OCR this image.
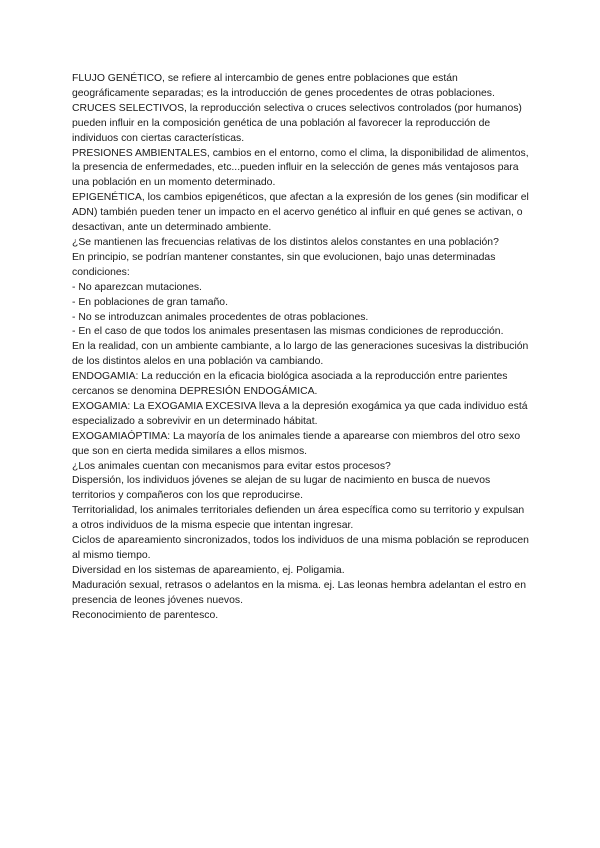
FLUJO GENÉTICO, se refiere al intercambio de genes entre poblaciones que están geográficamente separadas; es la introducción de genes procedentes de otras poblaciones.

CRUCES SELECTIVOS, la reproducción selectiva o cruces selectivos controlados (por humanos) pueden influir en la composición genética de una población al favorecer la reproducción de individuos con ciertas características.

PRESIONES AMBIENTALES, cambios en el entorno, como el clima, la disponibilidad de alimentos, la presencia de enfermedades, etc...pueden influir en la selección de genes más ventajosos para una población en un momento determinado.

EPIGENÉTICA, los cambios epigenéticos, que afectan a la expresión de los genes (sin modificar el ADN) también pueden tener un impacto en el acervo genético al influir en qué genes se activan, o desactivan, ante un determinado ambiente.

¿Se mantienen las frecuencias relativas de los distintos alelos constantes en una población?

En principio, se podrían mantener constantes, sin que evolucionen, bajo unas determinadas condiciones:

- No aparezcan mutaciones.

- En poblaciones de gran tamaño.

- No se introduzcan animales procedentes de otras poblaciones.

- En el caso de que todos los animales presentasen las mismas condiciones de reproducción.

En la realidad, con un ambiente cambiante, a lo largo de las generaciones sucesivas la distribución de los distintos alelos en una población va cambiando.

ENDOGAMIA: La reducción en la eficacia biológica asociada a la reproducción entre parientes cercanos se denomina DEPRESIÓN ENDOGÁMICA.

EXOGAMIA: La EXOGAMIA EXCESIVA lleva a la depresión exogámica ya que cada individuo está especializado a sobrevivir en un determinado hábitat.

EXOGAMIAÓPTIMA: La mayoría de los animales tiende a aparearse con miembros del otro sexo que son en cierta medida similares a ellos mismos.

¿Los animales cuentan con mecanismos para evitar estos procesos?

Dispersión, los individuos jóvenes se alejan de su lugar de nacimiento en busca de nuevos territorios y compañeros con los que reproducirse.

Territorialidad, los animales territoriales defienden un área específica como su territorio y expulsan a otros individuos de la misma especie que intentan ingresar.

Ciclos de apareamiento sincronizados, todos los individuos de una misma población se reproducen al mismo tiempo.

Diversidad en los sistemas de apareamiento, ej. Poligamia.

Maduración sexual, retrasos o adelantos en la misma. ej. Las leonas hembra adelantan el estro en presencia de leones jóvenes nuevos.

Reconocimiento de parentesco.
